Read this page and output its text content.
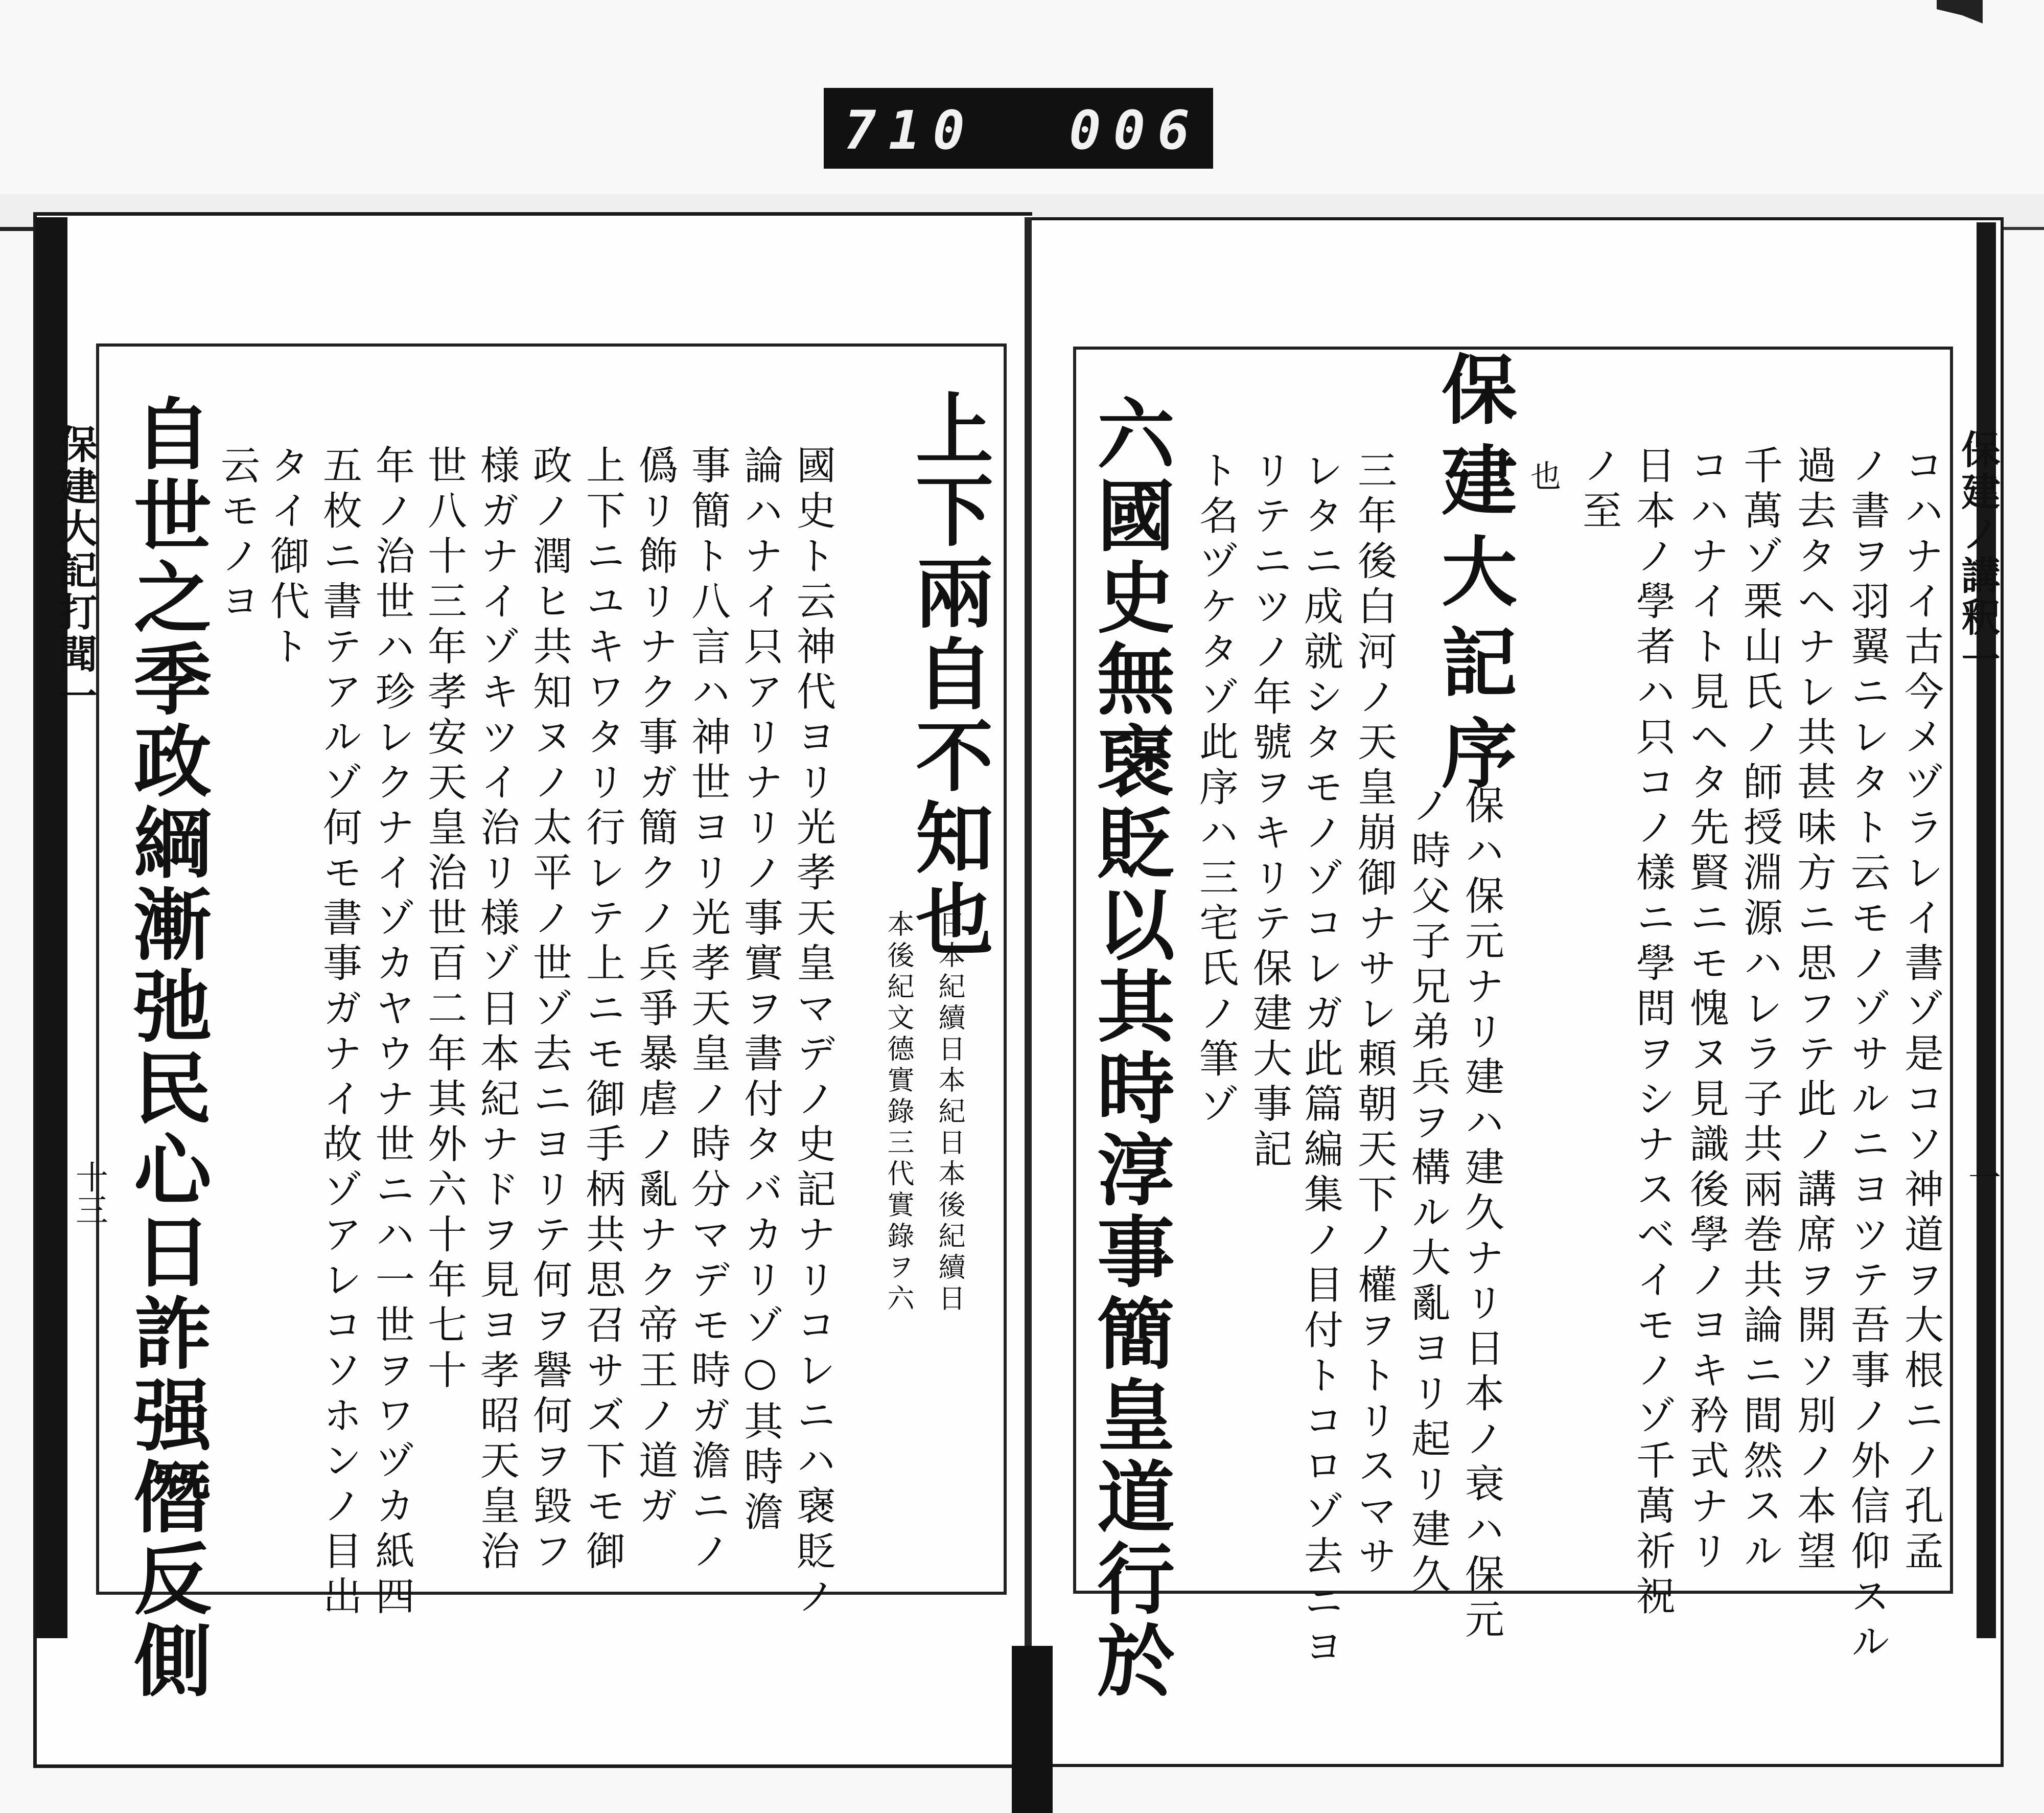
710 006
保建大記打聞一
十三
保建ノ講釈一
一
自世之季政綱漸弛民心日詐强僭反側 云モノヨ タイ御代ト 五枚ニ書テアルゾ何モ書事ガナイ故ゾアレコソホンノ目出 年ノ治世ハ珍レクナイゾカヤウナ世ニハ一世ヲワヅカ紙四 世八十三年孝安天皇治世百二年其外六十年七十 様ガナイゾキツイ治リ様ゾ日本紀ナドヲ見ヨ孝昭天皇治 政ノ潤ヒ共知ヌノ太平ノ世ゾ去ニヨリテ何ヲ譽何ヲ毀フ 上下ニユキワタリ行レテ上ニモ御手柄共思召サズ下モ御 僞リ飾リナク事ガ簡クノ兵爭暴虐ノ亂ナク帝王ノ道ガ 事簡ト八言ハ神世ヨリ光孝天皇ノ時分マデモ時ガ澹ニノ 論ハナイ只アリナリノ事實ヲ書付タバカリゾ○其時澹 國史ト云神代ヨリ光孝天皇マデノ史記ナリコレニハ襃貶ノ 本後紀文德實錄三代實錄ヲ六 日本紀續日本紀日本後紀續日
上下兩自不知也 六國史無襃貶以其時淳事簡皇道行於 ト名ヅケタゾ此序ハ三宅氏ノ筆ゾ リテニツノ年號ヲキリテ保建大事記 レタニ成就シタモノゾコレガ此篇編集ノ目付トコロゾ去ニヨ 三年後白河ノ天皇崩御ナサレ頼朝天下ノ權ヲトリスマサ ノ時父子兄弟兵ヲ構ル大亂ヨリ起リ建久 保ハ保元ナリ建ハ建久ナリ日本ノ衰ハ保元
保建大記序 也 ノ至 日本ノ學者ハ只コノ樣ニ學問ヲシナスベイモノゾ千萬祈祝 コハナイト見ヘタ先賢ニモ愧ヌ見識後學ノヨキ矜式ナリ 千萬ゾ栗山氏ノ師授淵源ハレラ子共兩巻共論ニ間然スル 過去タヘナレ共甚味方ニ思フテ此ノ講席ヲ開ソ別ノ本望 ノ書ヲ羽翼ニレタト云モノゾサルニヨツテ吾事ノ外信仰スル コハナイ古今メヅラレイ書ゾ是コソ神道ヲ大根ニノ孔孟
